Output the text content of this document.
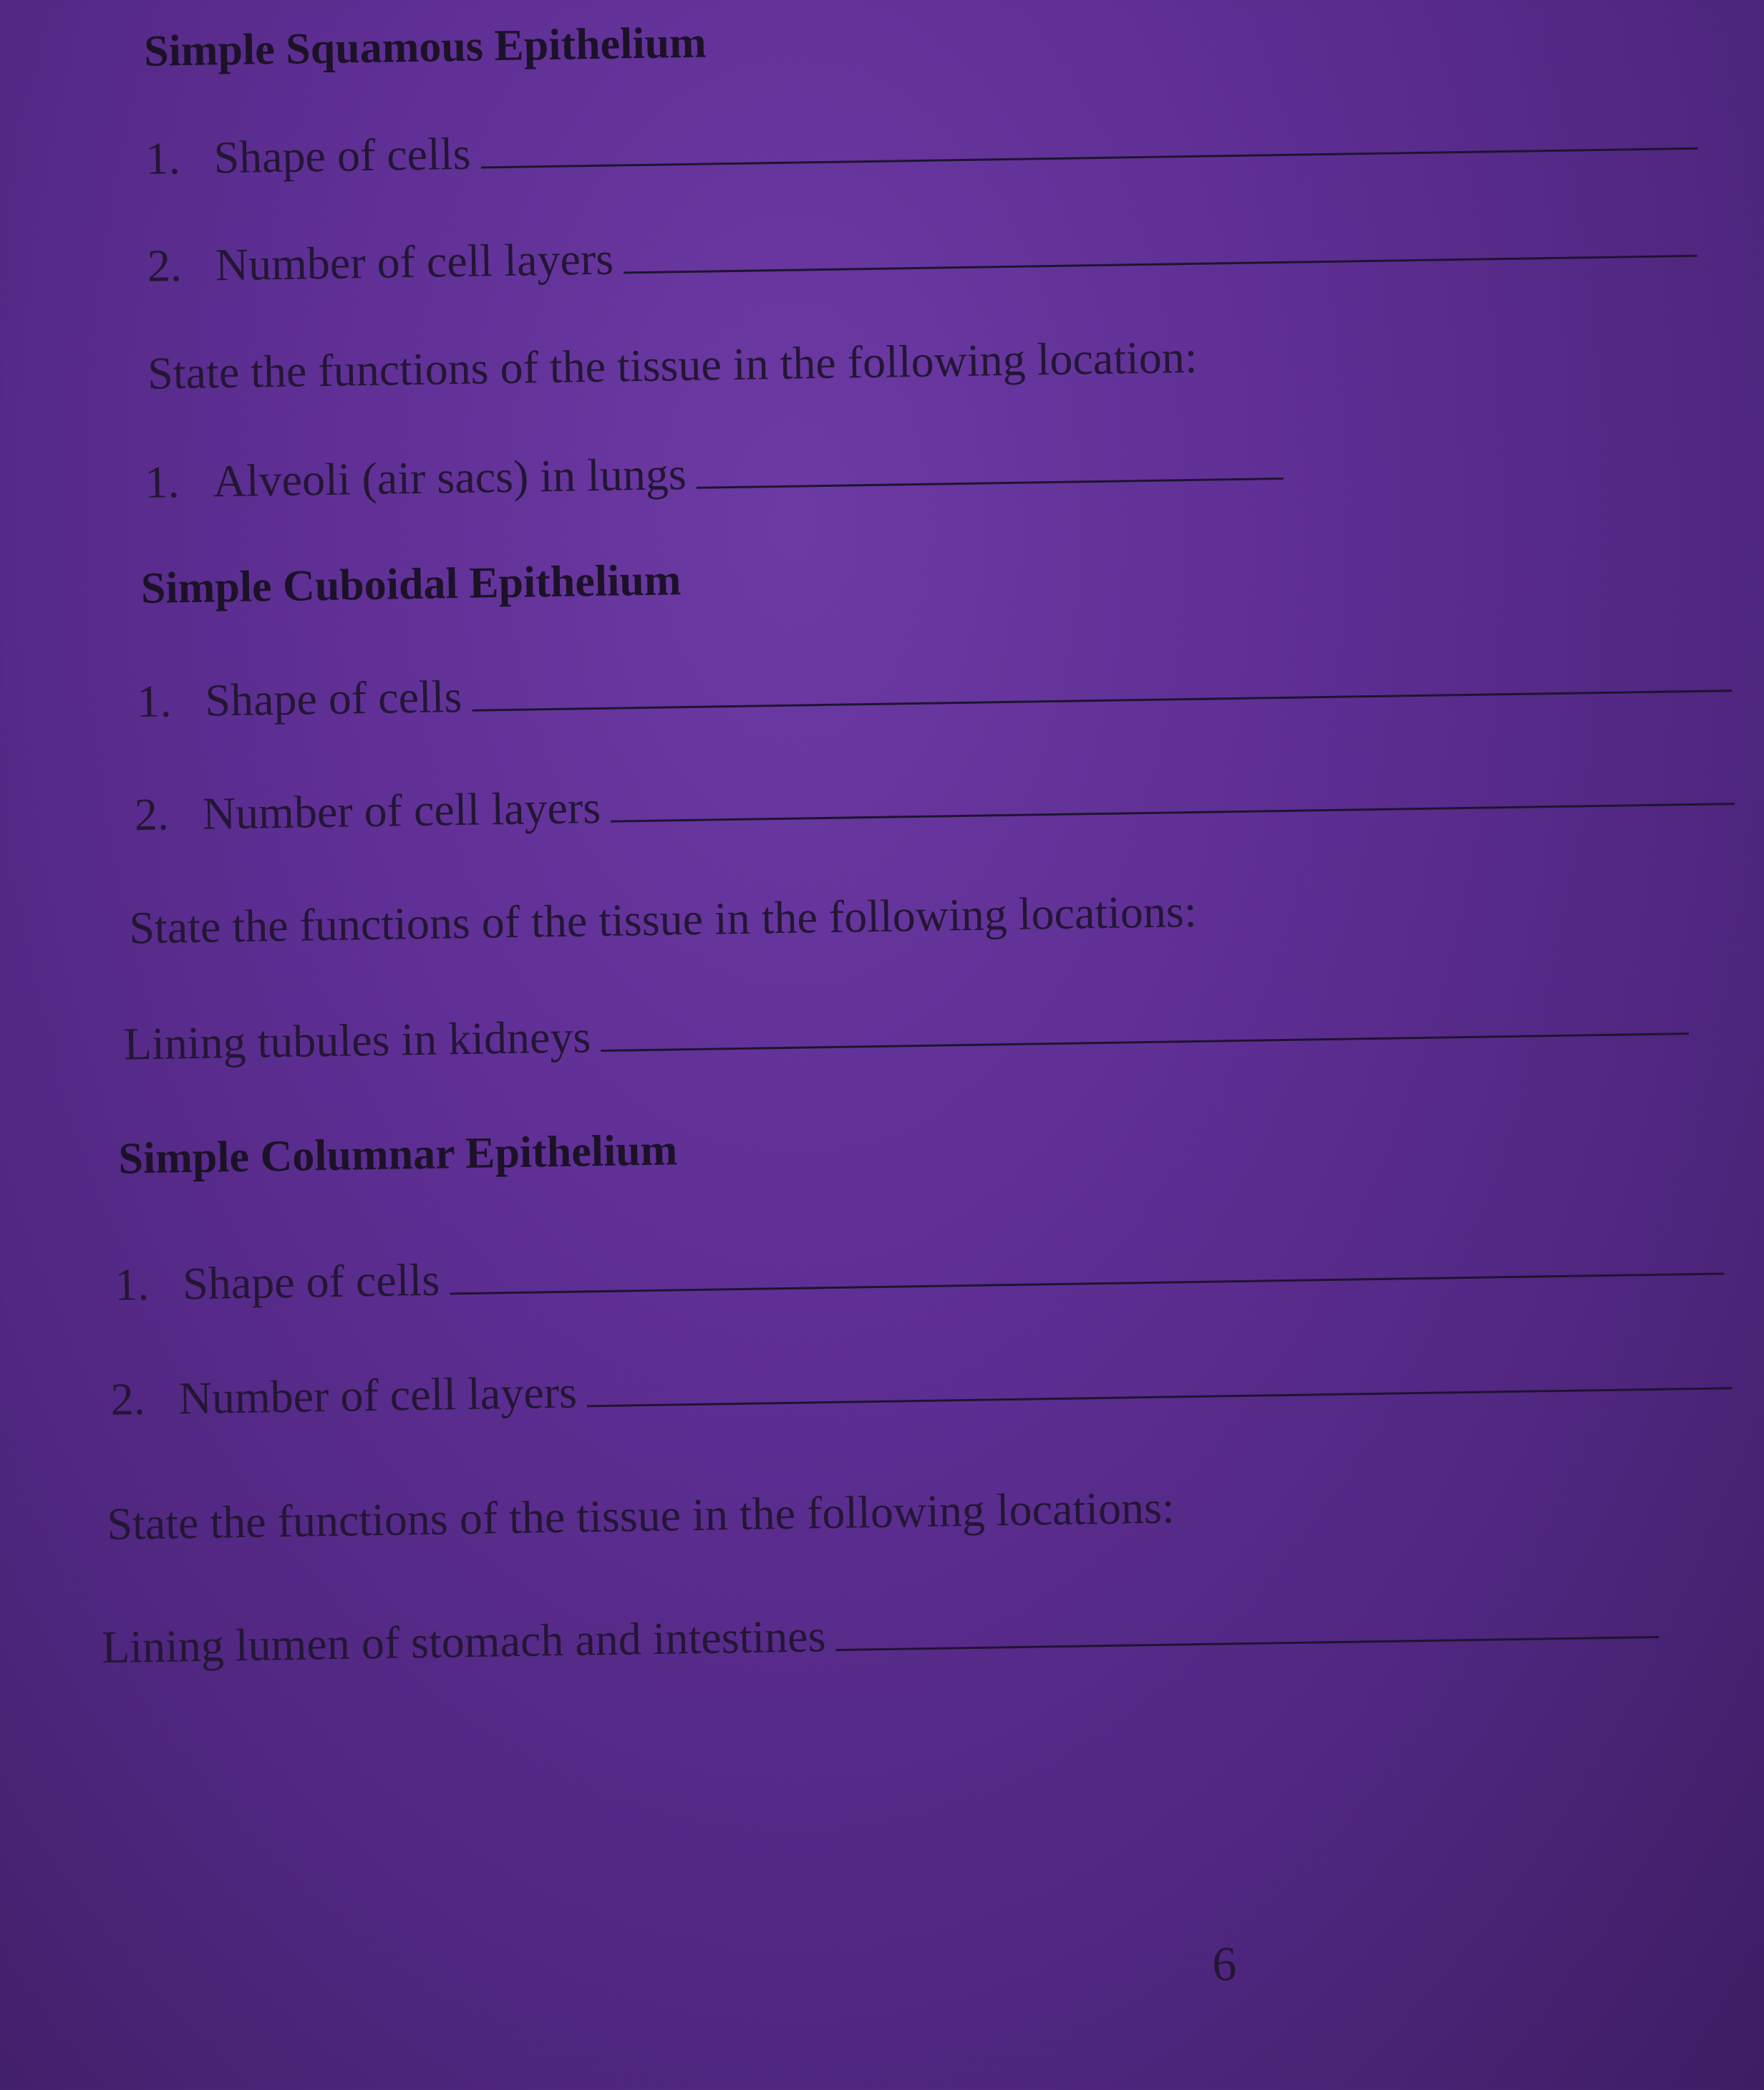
Simple Squamous Epithelium
1. Shape of cells
2. Number of cell layers
State the functions of the tissue in the following location:
1. Alveoli (air sacs) in lungs
Simple Cuboidal Epithelium
1. Shape of cells
2. Number of cell layers
State the functions of the tissue in the following locations:
Lining tubules in kidneys
Simple Columnar Epithelium
1. Shape of cells
2. Number of cell layers
State the functions of the tissue in the following locations:
Lining lumen of stomach and intestines
6
